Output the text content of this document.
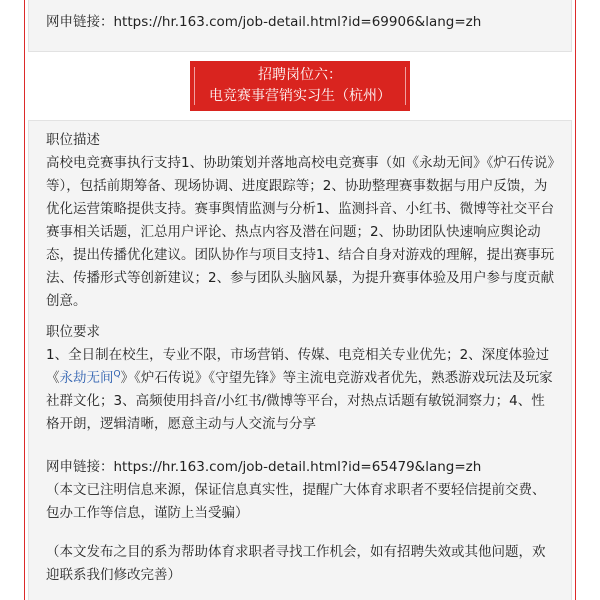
网申链接：https://hr.163.com/job-detail.html?id=69906&lang=zh
招聘岗位六：
电竞赛事营销实习生（杭州）

职位描述

高校电竞赛事执行支持1、协助策划并落地高校电竞赛事（如《永劫无间》《炉石传说》等），包括前期筹备、现场协调、进度跟踪等；2、协助整理赛事数据与用户反馈，为优化运营策略提供支持。赛事舆情监测与分析1、监测抖音、小红书、微博等社交平台赛事相关话题，汇总用户评论、热点内容及潜在问题；2、协助团队快速响应舆论动态，提出传播优化建议。团队协作与项目支持1、结合自身对游戏的理解，提出赛事玩法、传播形式等创新建议；2、参与团队头脑风暴，为提升赛事体验及用户参与度贡献创意。

职位要求

1、全日制在校生，专业不限，市场营销、传媒、电竞相关专业优先；2、深度体验过《永劫无间$^Q$》《炉石传说》《守望先锋》等主流电竞游戏者优先，熟悉游戏玩法及玩家社群文化；3、高频使用抖音/小红书/微博等平台，对热点话题有敏锐洞察力；4、性格开朗，逻辑清晰，愿意主动与人交流与分享

网申链接：https://hr.163.com/job-detail.html?id=65479&lang=zh
（本文已注明信息来源，保证信息真实性，提醒广大体育求职者不要轻信提前交费、包办工作等信息，谨防上当受骗）
（本文发布之目的系为帮助体育求职者寻找工作机会，如有招聘失效或其他问题，欢迎联系我们修改完善）
